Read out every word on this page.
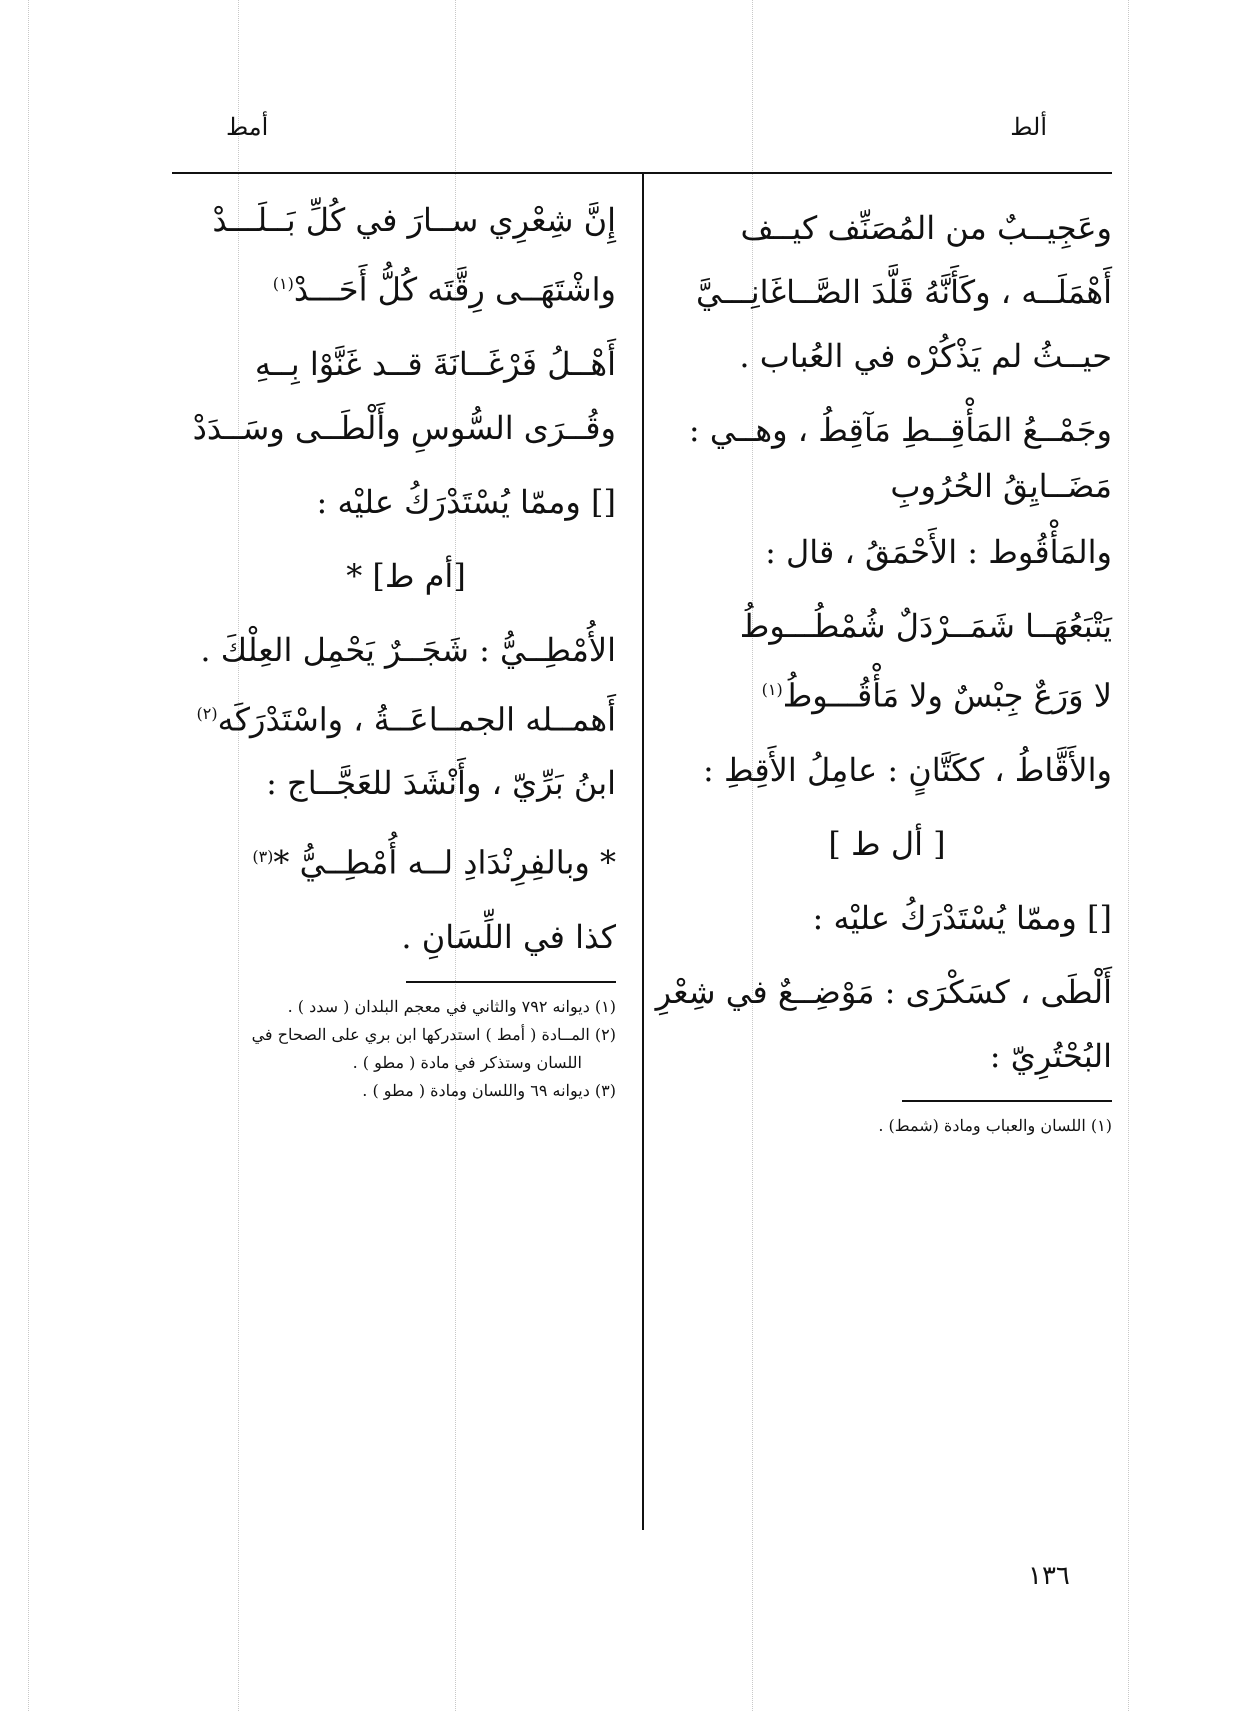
ألط
أمط

وعَجِيــبٌ من المُصَنِّف كيــف

أَهْمَلَــه ، وكَأَنَّهُ قَلَّدَ الصَّــاغَانِـــيَّ

حيــثُ لم يَذْكُرْه في العُباب .

وجَمْــعُ المَأْقِــطِ مَآقِطُ ، وهــي :

مَضَــايِقُ الحُرُوبِ

والمَأْقُوط : الأَحْمَقُ ، قال :

يَتْبَعُهَــا شَمَــرْدَلٌ شُمْطُـــوطُ

لا وَرَعٌ جِبْسٌ ولا مَأْقُـــوطُ$^{(١)}$

والأَقَّاطُ ، ككَتَّانٍ : عامِلُ الأَقِطِ :

[ أل ط ]

[] وممّا يُسْتَدْرَكُ عليْه :

أَلْطَى ، كسَكْرَى : مَوْضِــعٌ في شِعْرِ

البُحْتُرِيّ :

(١) اللسان والعباب ومادة (شمط) .

إِنَّ شِعْرِي ســارَ في كُلِّ بَــلَـــدْ

واشْتَهَــى رِقَّتَه كُلُّ أَحَـــدْ$^{(١)}$

أَهْــلُ فَرْغَــانَةَ قــد غَنَّوْا بِــهِ

وقُــرَى السُّوسِ وأَلْطَــى وسَــدَدْ

[] وممّا يُسْتَدْرَكُ عليْه :

[أم ط] *

الأُمْطِــيُّ : شَجَــرٌ يَحْمِل العِلْكَ .

أَهمــله الجمــاعَــةُ ، واسْتَدْرَكَه$^{(٢)}$

ابنُ بَرِّيّ ، وأَنْشَدَ للعَجَّــاج :

* وبالفِرِنْدَادِ لــه أُمْطِــيُّ *$^{(٣)}$

كذا في اللِّسَانِ .

(١) ديوانه ٧٩٢ والثاني في معجم البلدان ( سدد ) .

(٢) المــادة ( أمط ) استدركها ابن بري على الصحاح في

اللسان وستذكر في مادة ( مطو ) .

(٣) ديوانه ٦٩ واللسان ومادة ( مطو ) .

١٣٦
